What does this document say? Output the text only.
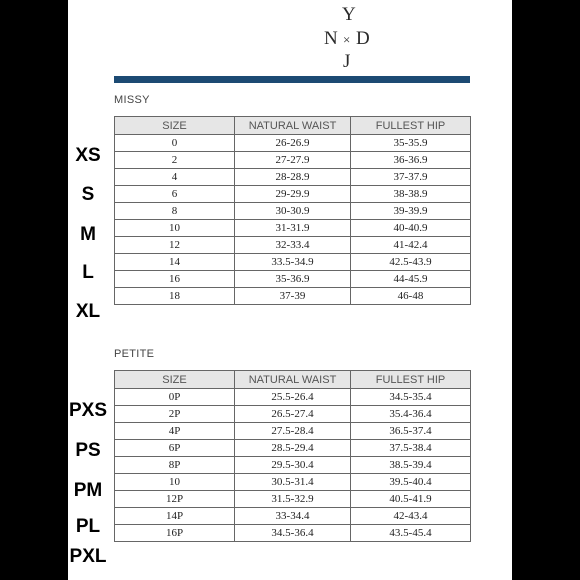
Y
N × D
J
MISSY
SIZE	NATURAL WAIST	FULLEST HIP
0	26-26.9	35-35.9
2	27-27.9	36-36.9
4	28-28.9	37-37.9
6	29-29.9	38-38.9
8	30-30.9	39-39.9
10	31-31.9	40-40.9
12	32-33.4	41-42.4
14	33.5-34.9	42.5-43.9
16	35-36.9	44-45.9
18	37-39	46-48
PETITE
SIZE	NATURAL WAIST	FULLEST HIP
0P	25.5-26.4	34.5-35.4
2P	26.5-27.4	35.4-36.4
4P	27.5-28.4	36.5-37.4
6P	28.5-29.4	37.5-38.4
8P	29.5-30.4	38.5-39.4
10	30.5-31.4	39.5-40.4
12P	31.5-32.9	40.5-41.9
14P	33-34.4	42-43.4
16P	34.5-36.4	43.5-45.4
XS
S
M
L
XL
PXS
PS
PM
PL
PXL
